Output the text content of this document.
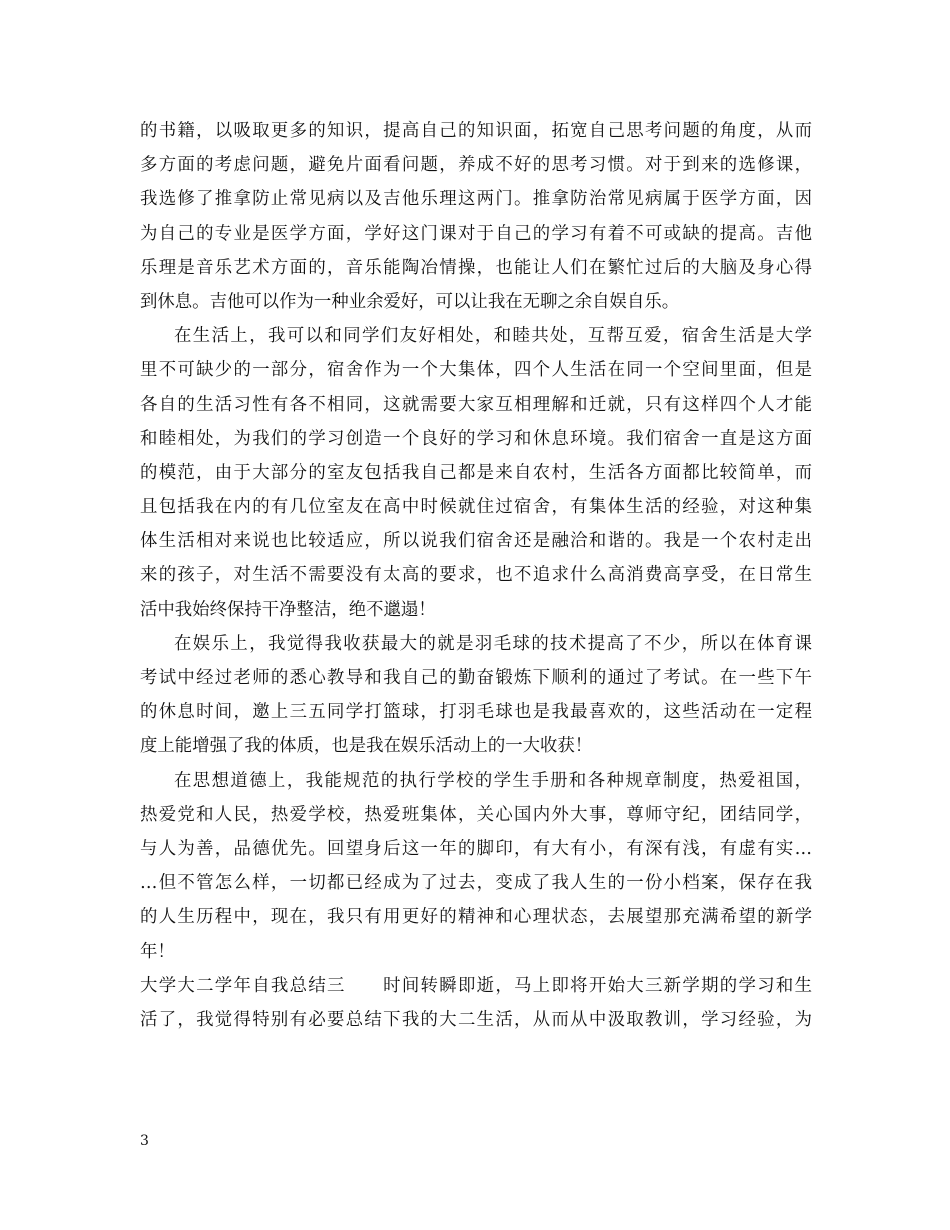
的书籍，以吸取更多的知识，提高自己的知识面，拓宽自己思考问题的角度，从而
多方面的考虑问题，避免片面看问题，养成不好的思考习惯。对于到来的选修课，
我选修了推拿防止常见病以及吉他乐理这两门。推拿防治常见病属于医学方面，因
为自己的专业是医学方面，学好这门课对于自己的学习有着不可或缺的提高。吉他
乐理是音乐艺术方面的，音乐能陶冶情操，也能让人们在繁忙过后的大脑及身心得
到休息。吉他可以作为一种业余爱好，可以让我在无聊之余自娱自乐。
在生活上，我可以和同学们友好相处，和睦共处，互帮互爱，宿舍生活是大学
里不可缺少的一部分，宿舍作为一个大集体，四个人生活在同一个空间里面，但是
各自的生活习性有各不相同，这就需要大家互相理解和迁就，只有这样四个人才能
和睦相处，为我们的学习创造一个良好的学习和休息环境。我们宿舍一直是这方面
的模范，由于大部分的室友包括我自己都是来自农村，生活各方面都比较简单，而
且包括我在内的有几位室友在高中时候就住过宿舍，有集体生活的经验，对这种集
体生活相对来说也比较适应，所以说我们宿舍还是融洽和谐的。我是一个农村走出
来的孩子，对生活不需要没有太高的要求，也不追求什么高消费高享受，在日常生
活中我始终保持干净整洁，绝不邋遢！
在娱乐上，我觉得我收获最大的就是羽毛球的技术提高了不少，所以在体育课
考试中经过老师的悉心教导和我自己的勤奋锻炼下顺利的通过了考试。在一些下午
的休息时间，邀上三五同学打篮球，打羽毛球也是我最喜欢的，这些活动在一定程
度上能增强了我的体质，也是我在娱乐活动上的一大收获！
在思想道德上，我能规范的执行学校的学生手册和各种规章制度，热爱祖国，
热爱党和人民，热爱学校，热爱班集体，关心国内外大事，尊师守纪，团结同学，
与人为善，品德优先。回望身后这一年的脚印，有大有小，有深有浅，有虚有实…
…但不管怎么样，一切都已经成为了过去，变成了我人生的一份小档案，保存在我
的人生历程中，现在，我只有用更好的精神和心理状态，去展望那充满希望的新学
年！
大学大二学年自我总结三　　时间转瞬即逝，马上即将开始大三新学期的学习和生
活了，我觉得特别有必要总结下我的大二生活，从而从中汲取教训，学习经验，为
3
